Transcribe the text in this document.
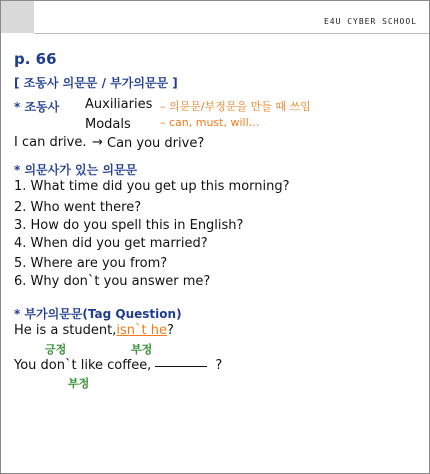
E4U CYBER SCHOOL
p. 66
[ 조동사 의문문 / 부가의문문 ]
* 조동사 Auxiliaries – 의문문/부정문을 만들 때 쓰임
Modals	– can, must, will…
I can drive. → Can you drive?
* 의문사가 있는 의문문
1. What time did you get up this morning?
2. Who went there?
3. How do you spell this in English?
4. When did you get married?
5. Where are you from?
6. Why don`t you answer me?
* 부가의문문(Tag Question)
He is a student,isn`t he?
긍정	부정
You don`t like coffee,	?
부정
